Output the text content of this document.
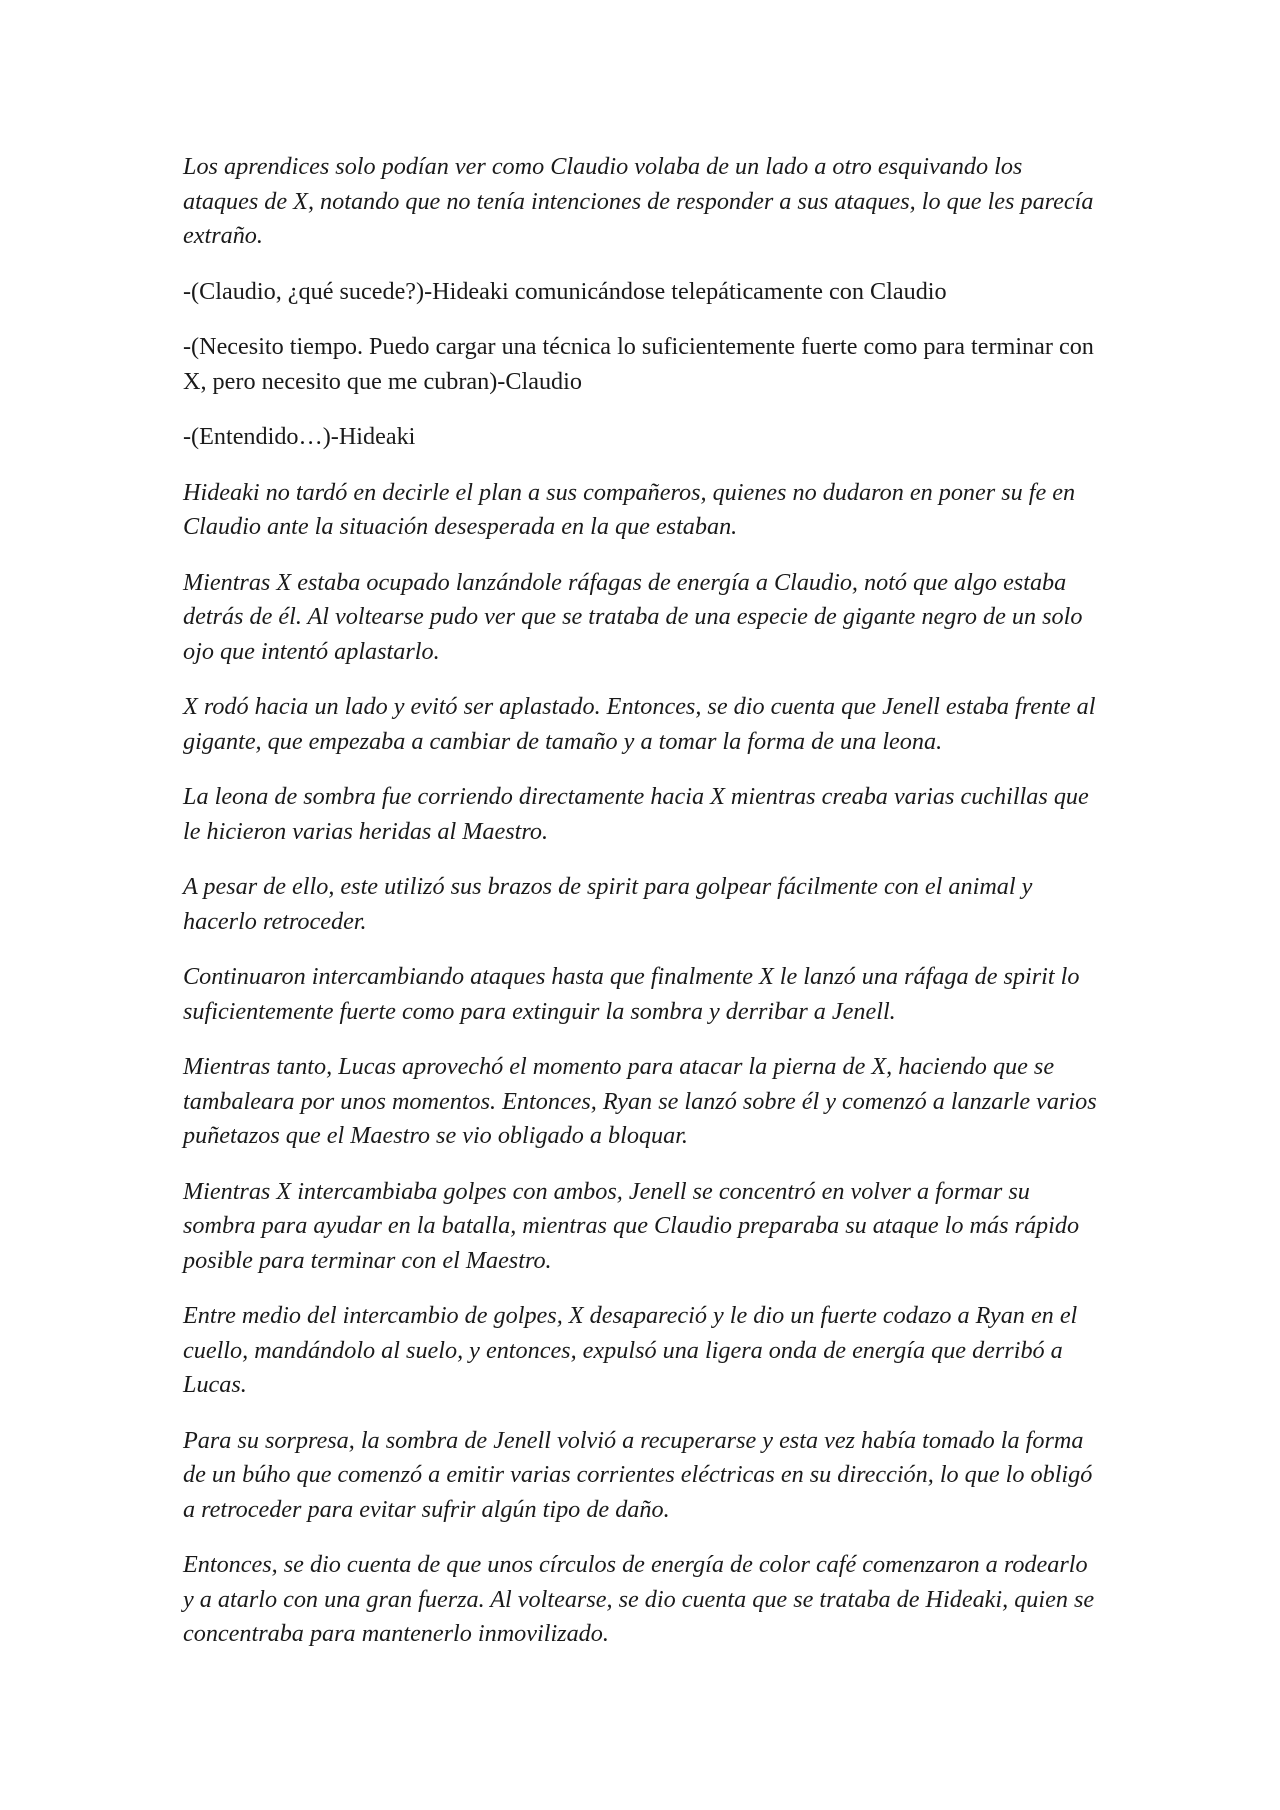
Los aprendices solo podían ver como Claudio volaba de un lado a otro esquivando los ataques de X, notando que no tenía intenciones de responder a sus ataques, lo que les parecía extraño.

-(Claudio, ¿qué sucede?)-Hideaki comunicándose telepáticamente con Claudio

-(Necesito tiempo. Puedo cargar una técnica lo suficientemente fuerte como para terminar con X, pero necesito que me cubran)-Claudio

-(Entendido…)-Hideaki

Hideaki no tardó en decirle el plan a sus compañeros, quienes no dudaron en poner su fe en Claudio ante la situación desesperada en la que estaban.

Mientras X estaba ocupado lanzándole ráfagas de energía a Claudio, notó que algo estaba detrás de él. Al voltearse pudo ver que se trataba de una especie de gigante negro de un solo ojo que intentó aplastarlo.

X rodó hacia un lado y evitó ser aplastado. Entonces, se dio cuenta que Jenell estaba frente al gigante, que empezaba a cambiar de tamaño y a tomar la forma de una leona.

La leona de sombra fue corriendo directamente hacia X mientras creaba varias cuchillas que le hicieron varias heridas al Maestro.

A pesar de ello, este utilizó sus brazos de spirit para golpear fácilmente con el animal y hacerlo retroceder.

Continuaron intercambiando ataques hasta que finalmente X le lanzó una ráfaga de spirit lo suficientemente fuerte como para extinguir la sombra y derribar a Jenell.

Mientras tanto, Lucas aprovechó el momento para atacar la pierna de X, haciendo que se tambaleara por unos momentos. Entonces, Ryan se lanzó sobre él y comenzó a lanzarle varios puñetazos que el Maestro se vio obligado a bloquar.

Mientras X intercambiaba golpes con ambos, Jenell se concentró en volver a formar su sombra para ayudar en la batalla, mientras que Claudio preparaba su ataque lo más rápido posible para terminar con el Maestro.

Entre medio del intercambio de golpes, X desapareció y le dio un fuerte codazo a Ryan en el cuello, mandándolo al suelo, y entonces, expulsó una ligera onda de energía que derribó a Lucas.

Para su sorpresa, la sombra de Jenell volvió a recuperarse y esta vez había tomado la forma de un búho que comenzó a emitir varias corrientes eléctricas en su dirección, lo que lo obligó a retroceder para evitar sufrir algún tipo de daño.

Entonces, se dio cuenta de que unos círculos de energía de color café comenzaron a rodearlo y a atarlo con una gran fuerza. Al voltearse, se dio cuenta que se trataba de Hideaki, quien se concentraba para mantenerlo inmovilizado.
